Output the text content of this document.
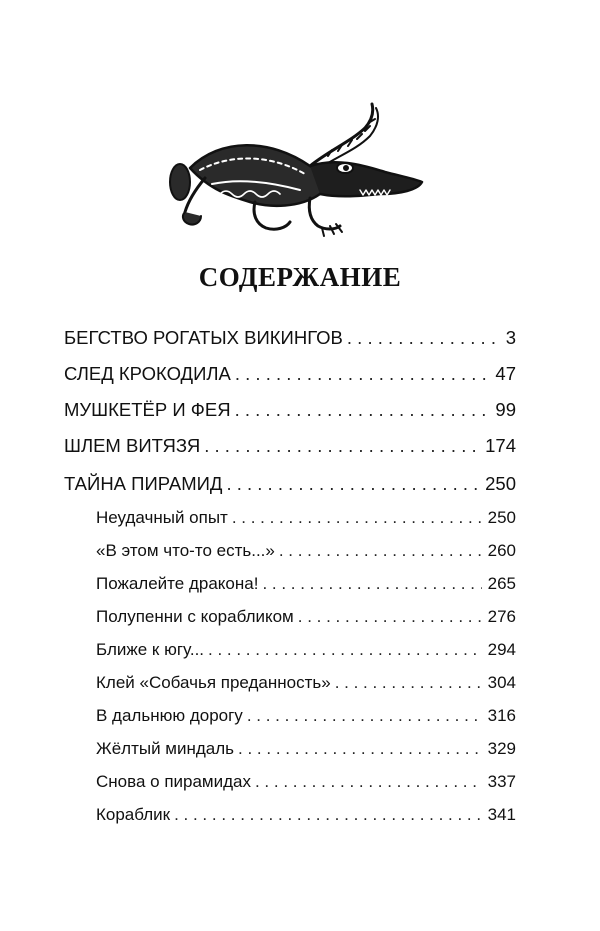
СОДЕРЖАНИЕ
БЕГСТВО РОГАТЫХ ВИКИНГОВ . . .	3
СЛЕД КРОКОДИЛА . . .	47
МУШКЕТЁР И ФЕЯ . . .	99
ШЛЕМ ВИТЯЗЯ . . .	174
ТАЙНА ПИРАМИД . . .	250
Неудачный опыт . . .	250
«В этом что-то есть...» . . .	260
Пожалейте дракона! . . .	265
Полупенни с корабликом . . .	276
Ближе к югу... . . .	294
Клей «Собачья преданность» . . .	304
В дальнюю дорогу . . .	316
Жёлтый миндаль . . .	329
Снова о пирамидах . . .	337
Кораблик . . .	341
